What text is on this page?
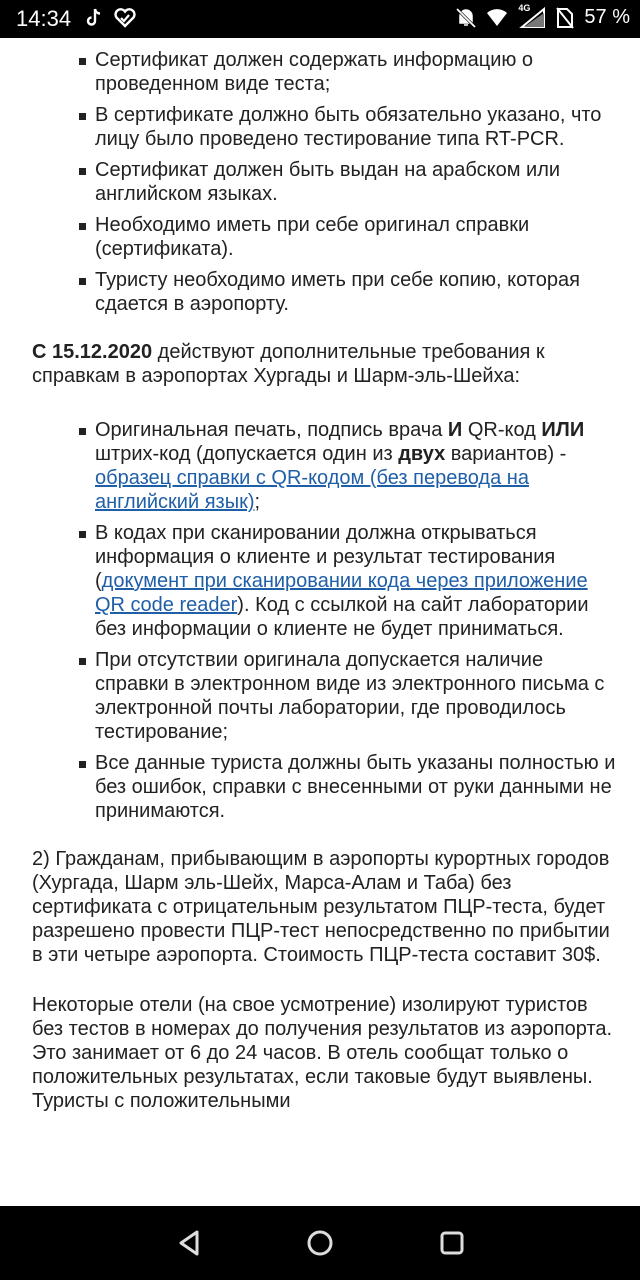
14:34	4G	57 %
Сертификат должен содержать информацию о проведенном виде теста;
В сертификате должно быть обязательно указано, что лицу было проведено тестирование типа RT-PCR.
Сертификат должен быть выдан на арабском или английском языках.
Необходимо иметь при себе оригинал справки (сертификата).
Туристу необходимо иметь при себе копию, которая сдается в аэропорту.

С 15.12.2020 действуют дополнительные требования к справкам в аэропортах Хургады и Шарм-эль-Шейха:

Оригинальная печать, подпись врача И QR-код ИЛИ штрих-код (допускается один из двух вариантов) - образец справки с QR-кодом (без перевода на английский язык);
В кодах при сканировании должна открываться информация о клиенте и результат тестирования (документ при сканировании кода через приложение QR code reader). Код с ссылкой на сайт лаборатории без информации о клиенте не будет приниматься.
При отсутствии оригинала допускается наличие справки в электронном виде из электронного письма с электронной почты лаборатории, где проводилось тестирование;
Все данные туриста должны быть указаны полностью и без ошибок, справки с внесенными от руки данными не принимаются.

2) Гражданам, прибывающим в аэропорты курортных городов (Хургада, Шарм эль-Шейх, Марса-Алам и Таба) без сертификата с отрицательным результатом ПЦР-теста, будет разрешено провести ПЦР-тест непосредственно по прибытии в эти четыре аэропорта. Стоимость ПЦР-теста составит 30$.

Некоторые отели (на свое усмотрение) изолируют туристов без тестов в номерах до получения результатов из аэропорта. Это занимает от 6 до 24 часов. В отель сообщат только о положительных результатах, если таковые будут выявлены. Туристы с положительными
